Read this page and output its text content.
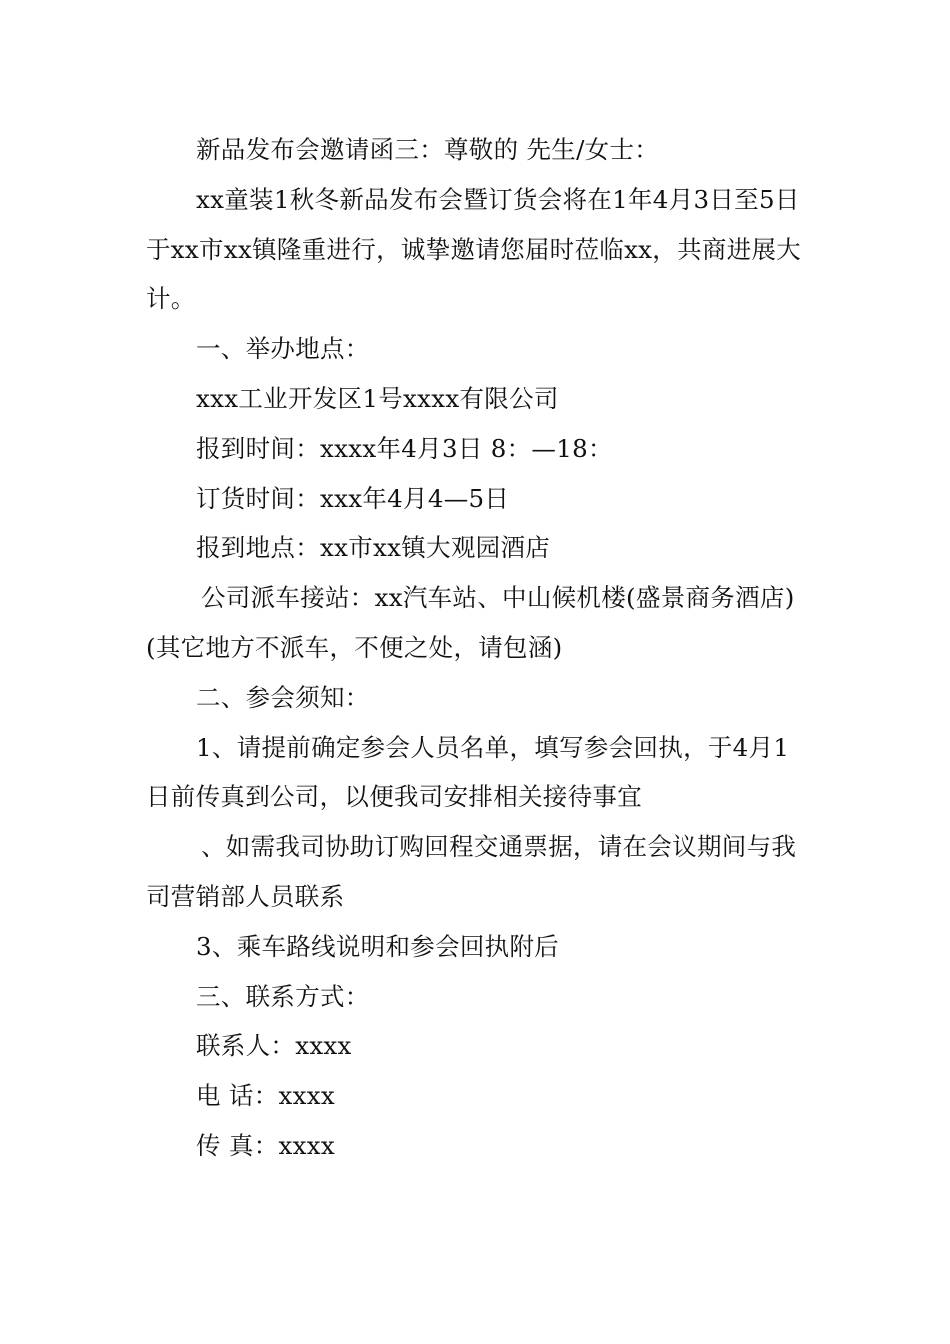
新品发布会邀请函三：尊敬的 先生/女士：

xx童装1秋冬新品发布会暨订货会将在1年4月3日至5日于xx市xx镇隆重进行，诚挚邀请您届时莅临xx，共商进展大计。

一、举办地点：

xxx工业开发区1号xxxx有限公司

报到时间：xxxx年4月3日 8：—18：

订货时间：xxx年4月4—5日

报到地点：xx市xx镇大观园酒店

公司派车接站：xx汽车站、中山候机楼(盛景商务酒店)(其它地方不派车，不便之处，请包涵)

二、参会须知：

1、请提前确定参会人员名单，填写参会回执，于4月1日前传真到公司，以便我司安排相关接待事宜

、如需我司协助订购回程交通票据，请在会议期间与我司营销部人员联系

3、乘车路线说明和参会回执附后

三、联系方式：

联系人：xxxx

电 话：xxxx

传 真：xxxx
